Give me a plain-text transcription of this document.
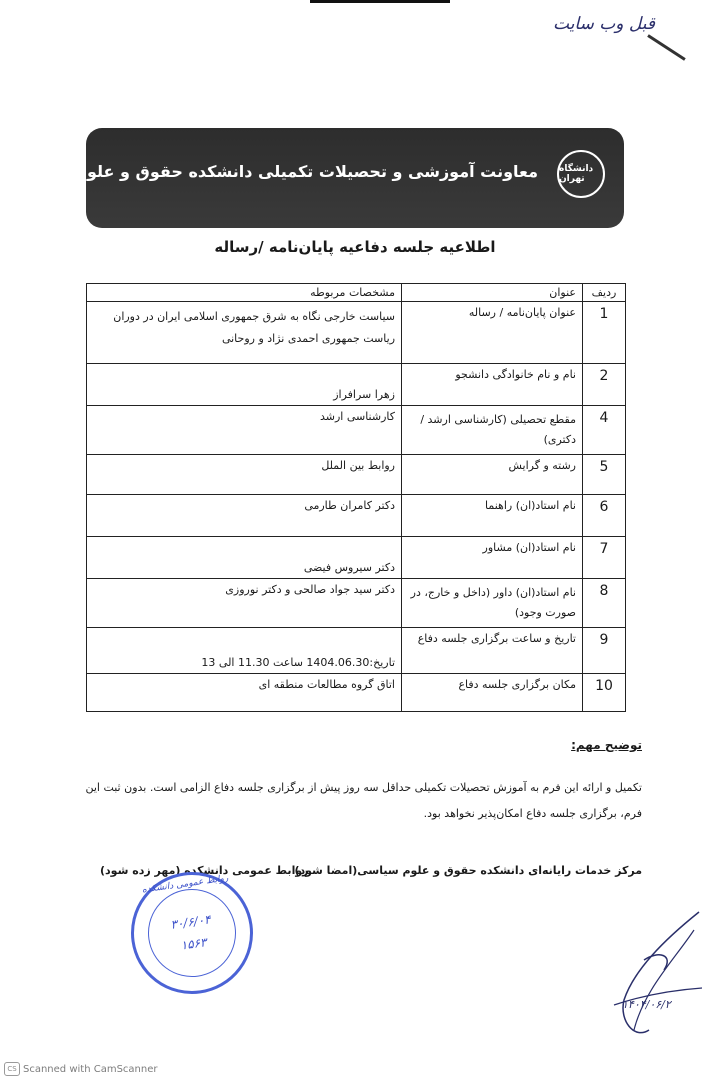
قبل وب سایت
دانشگاه تهران
معاونت آموزشی و تحصیلات تکمیلی دانشکده حقوق و علوم سیاسی
اطلاعیه جلسه دفاعیه پایان‌نامه /رساله
ردیف	عنوان	مشخصات مربوطه
1	عنوان پایان‌نامه / رساله	سیاست خارجی نگاه به شرق جمهوری اسلامی ایران در دوران ریاست جمهوری احمدی نژاد و روحانی
2	نام و نام خانوادگی دانشجو	زهرا سرافراز
4	مقطع تحصیلی (کارشناسی ارشد / دکتری)	کارشناسی ارشد
5	رشته و گرایش	روابط بین الملل
6	نام استاد(ان) راهنما	دکتر کامران طارمی
7	نام استاد(ان) مشاور	دکتر سیروس فیضی
8	نام استاد(ان) داور (داخل و خارج، در صورت وجود)	دکتر سید جواد صالحی و دکتر نوروزی
9	تاریخ و ساعت برگزاری جلسه دفاع	تاریخ:1404.06.30 ساعت 11.30 الی 13
10	مکان برگزاری جلسه دفاع	اتاق گروه مطالعات منطقه ای
توضیح مهم:
تکمیل و ارائه این فرم به آموزش تحصیلات تکمیلی حداقل سه روز پیش از برگزاری جلسه دفاع الزامی است. بدون ثبت این فرم، برگزاری جلسه دفاع امکان‌پذیر نخواهد بود.
مرکز خدمات رایانه‌ای دانشکده حقوق و علوم سیاسی(امضا شود)
روابط عمومی دانشکده (مهر زده شود)
روابط عمومی دانشکده
۳۰/۶/۰۴
۱۵۶۳
۱۴۰۴/۰۶/۲
CS Scanned with CamScanner
